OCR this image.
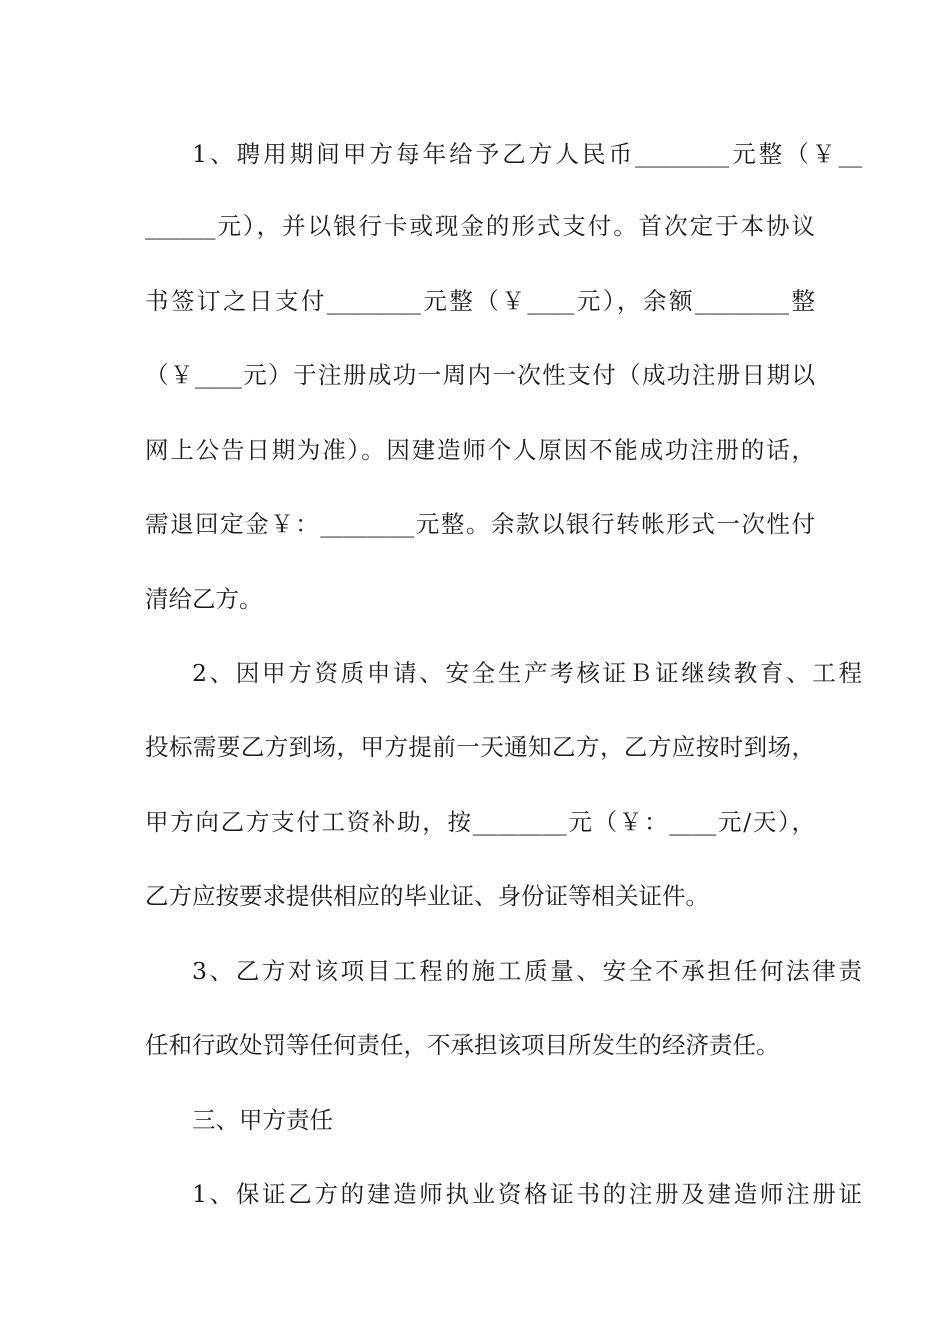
1、聘用期间甲方每年给予乙方人民币________元整（￥__
______元），并以银行卡或现金的形式支付。首次定于本协议
书签订之日支付________元整（￥____元），余额________整
（￥____元）于注册成功一周内一次性支付（成功注册日期以
网上公告日期为准）。因建造师个人原因不能成功注册的话，
需退回定金￥：________元整。余款以银行转帐形式一次性付
清给乙方。
2、因甲方资质申请、安全生产考核证Ｂ证继续教育、工程
投标需要乙方到场，甲方提前一天通知乙方，乙方应按时到场，
甲方向乙方支付工资补助，按________元（￥：____元/天），
乙方应按要求提供相应的毕业证、身份证等相关证件。
3、乙方对该项目工程的施工质量、安全不承担任何法律责
任和行政处罚等任何责任，不承担该项目所发生的经济责任。
三、甲方责任
1、保证乙方的建造师执业资格证书的注册及建造师注册证
